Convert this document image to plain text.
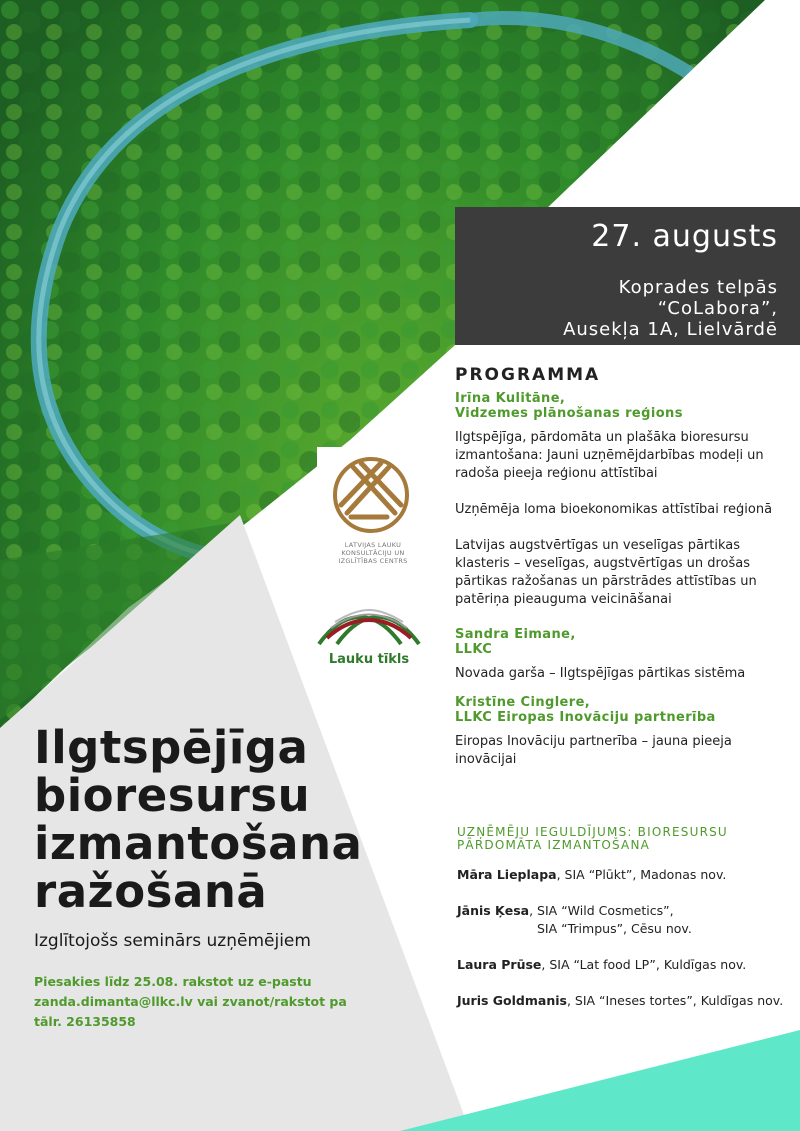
27. augusts
Koprades telpās
“CoLabora”,
Ausekļa 1A, Lielvārdē
PROGRAMMA
Irīna Kulitāne,
Vidzemes plānošanas reģions
Ilgtspējīga, pārdomāta un plašāka bioresursu izmantošana: Jauni uzņēmējdarbības modeļi un radoša pieeja reģionu attīstībai
Uzņēmēja loma bioekonomikas attīstībai reģionā
Latvijas augstvērtīgas un veselīgas pārtikas klasteris – veselīgas, augstvērtīgas un drošas pārtikas ražošanas un pārstrādes attīstības un patēriņa pieauguma veicināšanai
Sandra Eimane,
LLKC
Novada garša – Ilgtspējīgas pārtikas sistēma
Kristīne Cinglere,
LLKC Eiropas Inovāciju partnerība
Eiropas Inovāciju partnerība – jauna pieeja inovācijai
UZŅĒMĒJU IEGULDĪJUMS: BIORESURSU
PĀRDOMĀTA IZMANTOŠANA
Māra Lieplapa, SIA “Plūkt”, Madonas nov.
Jānis Ķesa, SIA “Wild Cosmetics”,
SIA “Trimpus”, Cēsu nov.
Laura Prūse, SIA “Lat food LP”, Kuldīgas nov.
Juris Goldmanis, SIA “Ineses tortes”, Kuldīgas nov.
LATVIJAS LAUKU
KONSULTĀCIJU UN
IZGLĪTĪBAS CENTRS
Lauku tīkls
Ilgtspējīga
bioresursu
izmantošana
ražošanā
Izglītojošs seminārs uzņēmējiem
Piesakies līdz 25.08. rakstot uz e-pastu zanda.dimanta@llkc.lv vai zvanot/rakstot pa tālr. 26135858
